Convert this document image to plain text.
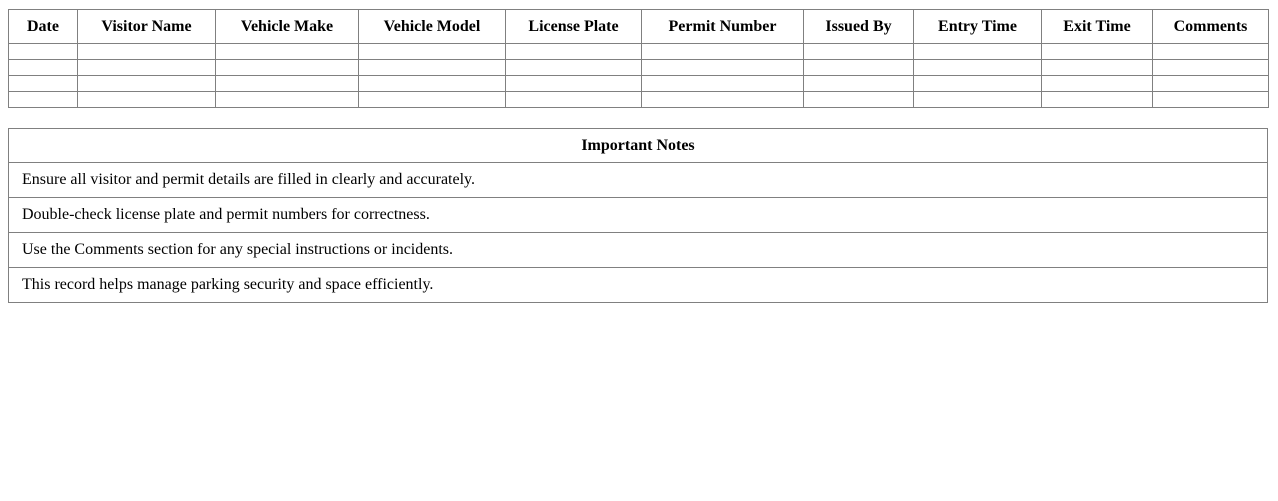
Date	Visitor Name	Vehicle Make	Vehicle Model	License Plate	Permit Number	Issued By	Entry Time	Exit Time	Comments

Important Notes
Ensure all visitor and permit details are filled in clearly and accurately.
Double-check license plate and permit numbers for correctness.
Use the Comments section for any special instructions or incidents.
This record helps manage parking security and space efficiently.
